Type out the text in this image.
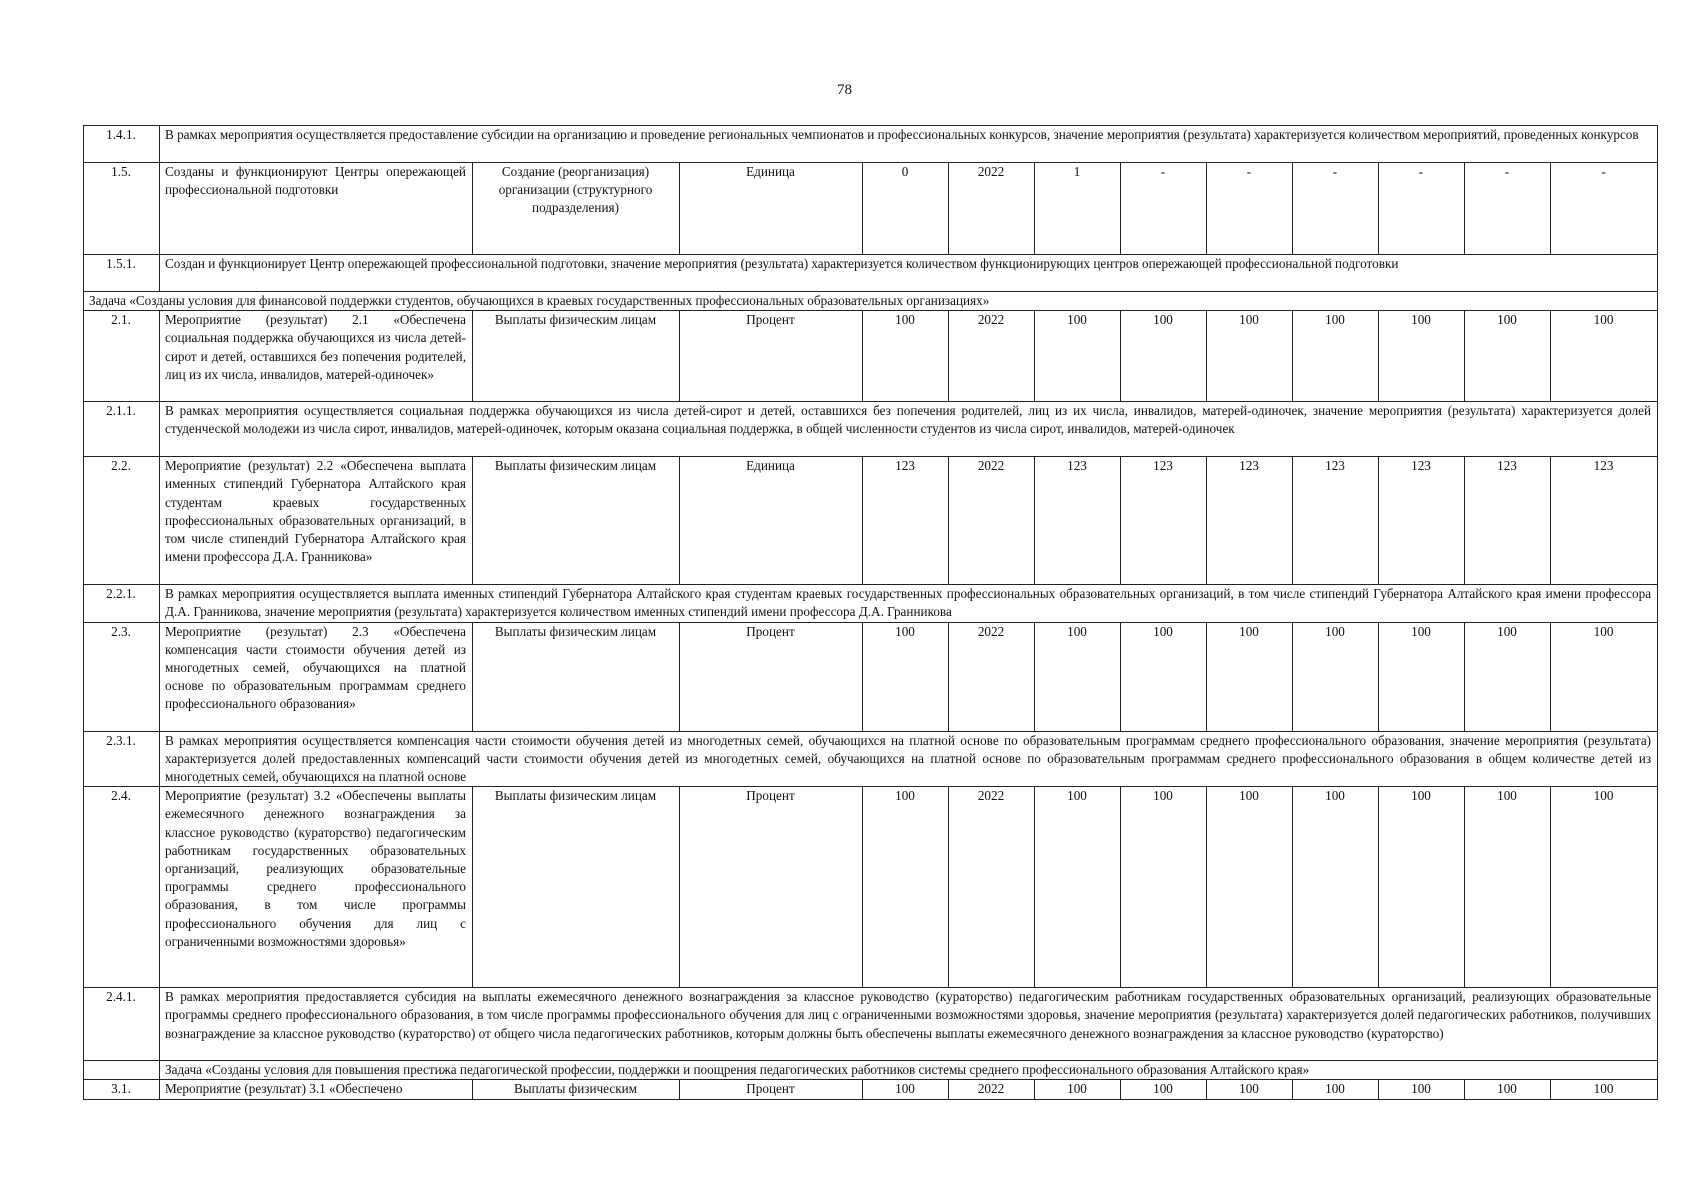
78
1.4.1.	В рамках мероприятия осуществляется предоставление субсидии на организацию и проведение региональных чемпионатов и профессиональных конкурсов, значение мероприятия (результата) характеризуется количеством мероприятий, проведенных конкурсов											
1.5.	Созданы и функционируют Центры опережающей профессиональной подготовки	Создание (реорганизация) организации (структурного подразделения)	Единица	0	2022	1	-	-	-	-	-	-
1.5.1.	Создан и функционирует Центр опережающей профессиональной подготовки, значение мероприятия (результата) характеризуется количеством функционирующих центров опережающей профессиональной подготовки											
Задача «Созданы условия для финансовой поддержки студентов, обучающихся в краевых государственных профессиональных образовательных организациях»												
2.1.	Мероприятие (результат) 2.1 «Обеспечена социальная поддержка обучающихся из числа детей-сирот и детей, оставшихся без попечения родителей, лиц из их числа, инвалидов, матерей-одиночек»	Выплаты физическим лицам	Процент	100	2022	100	100	100	100	100	100	100
2.1.1.	В рамках мероприятия осуществляется социальная поддержка обучающихся из числа детей-сирот и детей, оставшихся без попечения родителей, лиц из их числа, инвалидов, матерей-одиночек, значение мероприятия (результата) характеризуется долей студенческой молодежи из числа сирот, инвалидов, матерей-одиночек, которым оказана социальная поддержка, в общей численности студентов из числа сирот, инвалидов, матерей-одиночек											
2.2.	Мероприятие (результат) 2.2 «Обеспечена выплата именных стипендий Губернатора Алтайского края студентам краевых государственных профессиональных образовательных организаций, в том числе стипендий Губернатора Алтайского края имени профессора Д.А. Гранникова»	Выплаты физическим лицам	Единица	123	2022	123	123	123	123	123	123	123
2.2.1.	В рамках мероприятия осуществляется выплата именных стипендий Губернатора Алтайского края студентам краевых государственных профессиональных образовательных организаций, в том числе стипендий Губернатора Алтайского края имени профессора Д.А. Гранникова, значение мероприятия (результата) характеризуется количеством именных стипендий имени профессора Д.А. Гранникова											
2.3.	Мероприятие (результат) 2.3 «Обеспечена компенсация части стоимости обучения детей из многодетных семей, обучающихся на платной основе по образовательным программам среднего профессионального образования»	Выплаты физическим лицам	Процент	100	2022	100	100	100	100	100	100	100
2.3.1.	В рамках мероприятия осуществляется компенсация части стоимости обучения детей из многодетных семей, обучающихся на платной основе по образовательным программам среднего профессионального образования, значение мероприятия (результата) характеризуется долей предоставленных компенсаций части стоимости обучения детей из многодетных семей, обучающихся на платной основе по образовательным программам среднего профессионального образования в общем количестве детей из многодетных семей, обучающихся на платной основе											
2.4.	Мероприятие (результат) 3.2 «Обеспечены выплаты ежемесячного денежного вознаграждения за классное руководство (кураторство) педагогическим работникам государственных образовательных организаций, реализующих образовательные программы среднего профессионального образования, в том числе программы профессионального обучения для лиц с ограниченными возможностями здоровья»	Выплаты физическим лицам	Процент	100	2022	100	100	100	100	100	100	100
2.4.1.	В рамках мероприятия предоставляется субсидия на выплаты ежемесячного денежного вознаграждения за классное руководство (кураторство) педагогическим работникам государственных образовательных организаций, реализующих образовательные программы среднего профессионального образования, в том числе программы профессионального обучения для лиц с ограниченными возможностями здоровья, значение мероприятия (результата) характеризуется долей педагогических работников, получивших вознаграждение за классное руководство (кураторство) от общего числа педагогических работников, которым должны быть обеспечены выплаты ежемесячного денежного вознаграждения за классное руководство (кураторство)											
	Задача «Созданы условия для повышения престижа педагогической профессии, поддержки и поощрения педагогических работников системы среднего профессионального образования Алтайского края»											
3.1.	Мероприятие (результат) 3.1 «Обеспечено	Выплаты физическим	Процент	100	2022	100	100	100	100	100	100	100
